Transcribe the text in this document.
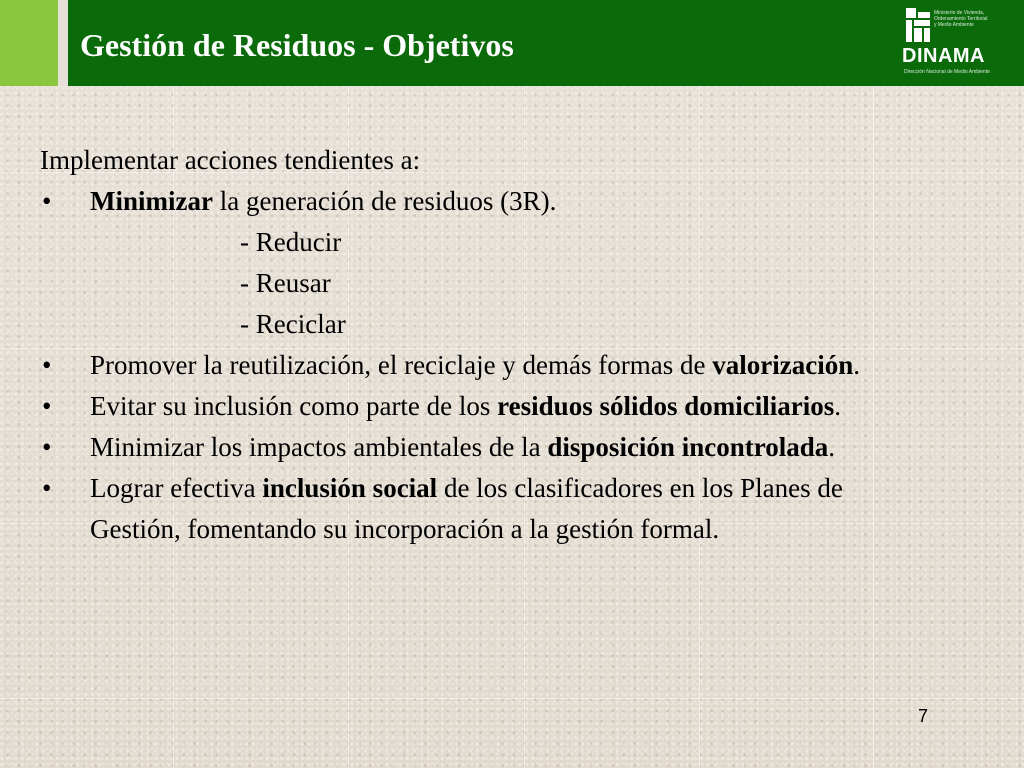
Gestión de Residuos - Objetivos
Ministerio de Vivienda,
Ordenamiento Territorial
y Medio Ambiente
DINAMA
Dirección Nacional de Medio Ambiente

Implementar acciones tendientes a:

• Minimizar la generación de residuos (3R).
- Reducir
- Reusar
- Reciclar
• Promover la reutilización, el reciclaje y demás formas de valorización.
• Evitar su inclusión como parte de los residuos sólidos domiciliarios.
• Minimizar los impactos ambientales de la disposición incontrolada.
• Lograr efectiva inclusión social de los clasificadores en los Planes de Gestión, fomentando su incorporación a la gestión formal.
7
